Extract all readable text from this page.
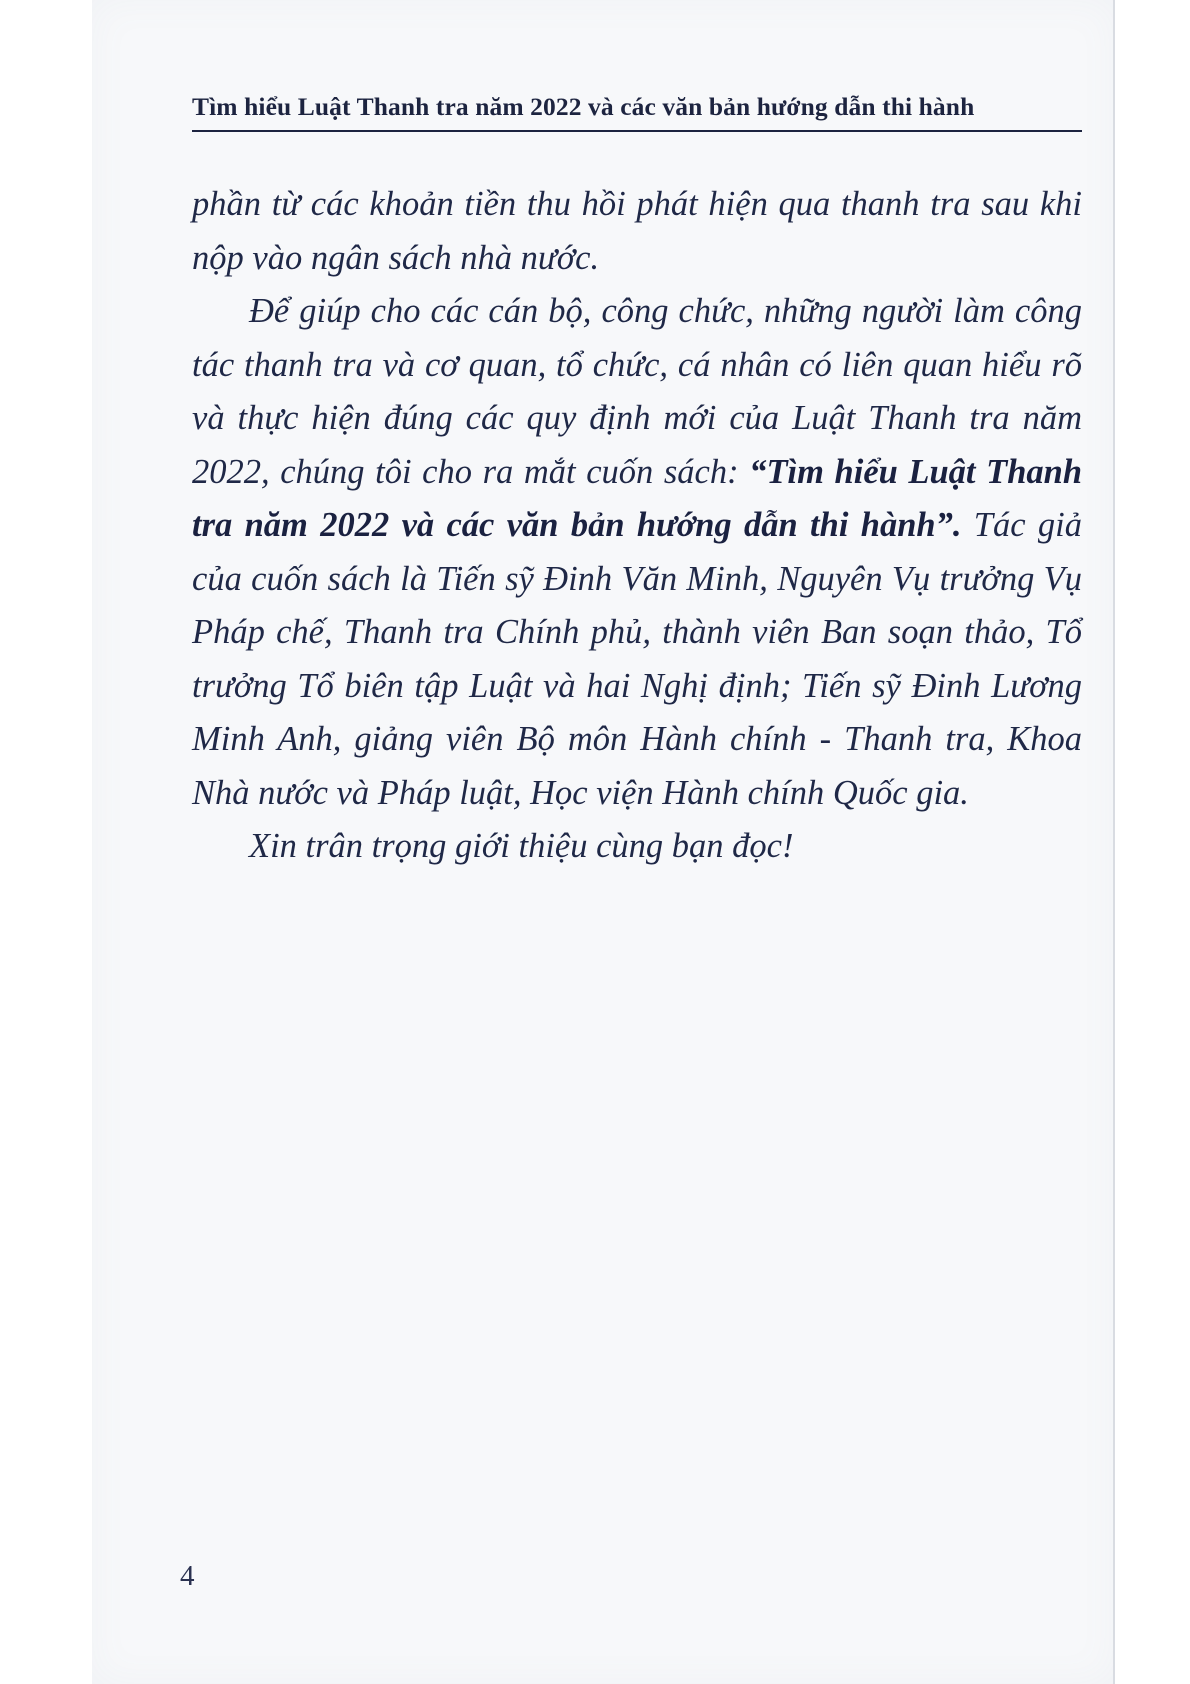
Tìm hiểu Luật Thanh tra năm 2022 và các văn bản hướng dẫn thi hành

phần từ các khoản tiền thu hồi phát hiện qua thanh tra sau khi nộp vào ngân sách nhà nước.

Để giúp cho các cán bộ, công chức, những người làm công tác thanh tra và cơ quan, tổ chức, cá nhân có liên quan hiểu rõ và thực hiện đúng các quy định mới của Luật Thanh tra năm 2022, chúng tôi cho ra mắt cuốn sách: “Tìm hiểu Luật Thanh tra năm 2022 và các văn bản hướng dẫn thi hành”. Tác giả của cuốn sách là Tiến sỹ Đinh Văn Minh, Nguyên Vụ trưởng Vụ Pháp chế, Thanh tra Chính phủ, thành viên Ban soạn thảo, Tổ trưởng Tổ biên tập Luật và hai Nghị định; Tiến sỹ Đinh Lương Minh Anh, giảng viên Bộ môn Hành chính - Thanh tra, Khoa Nhà nước và Pháp luật, Học viện Hành chính Quốc gia.

Xin trân trọng giới thiệu cùng bạn đọc!

4
